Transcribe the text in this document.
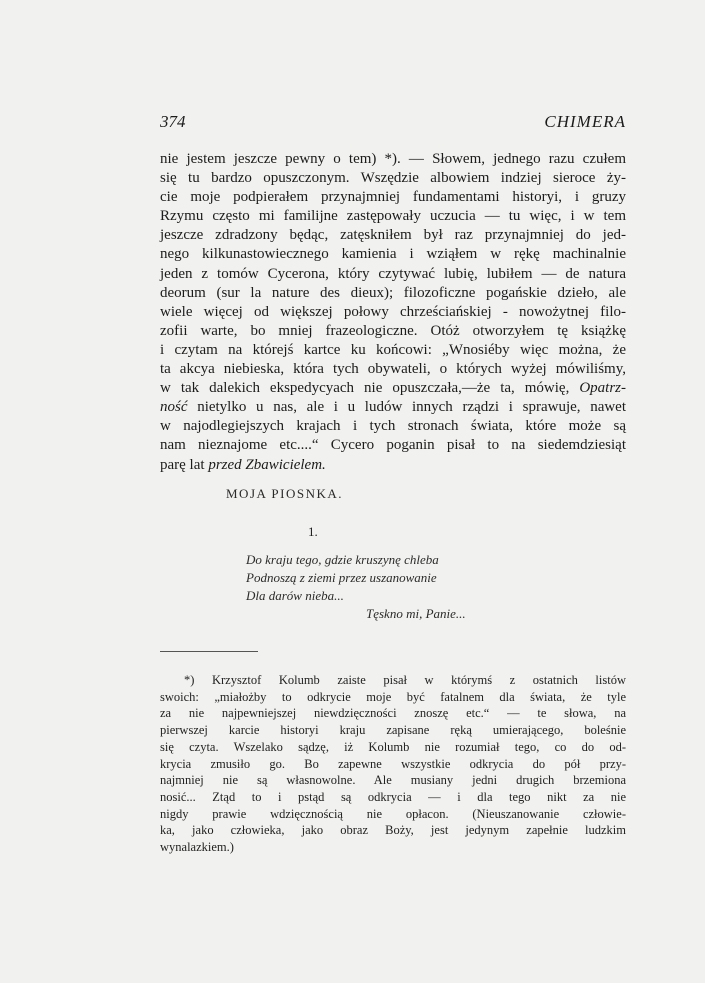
374	CHIMERA
nie jestem jeszcze pewny o tem) *). — Słowem, jednego razu czułem
się tu bardzo opuszczonym. Wszędzie albowiem indziej sieroce ży-
cie moje podpierałem przynajmniej fundamentami historyi, i gruzy
Rzymu często mi familijne zastępowały uczucia — tu więc, i w tem
jeszcze zdradzony będąc, zatęskniłem był raz przynajmniej do jed-
nego kilkunastowiecznego kamienia i wziąłem w rękę machinalnie
jeden z tomów Cycerona, który czytywać lubię, lubiłem — de natura
deorum (sur la nature des dieux); filozoficzne pogańskie dzieło, ale
wiele więcej od większej połowy chrześciańskiej - nowożytnej filo-
zofii warte, bo mniej frazeologiczne. Otóż otworzyłem tę książkę
i czytam na którejś kartce ku końcowi: „Wnosiéby więc można, że
ta akcya niebieska, która tych obywateli, o których wyżej mówiliśmy,
w tak dalekich ekspedycyach nie opuszczała,—że ta, mówię, Opatrz-
ność nietylko u nas, ale i u ludów innych rządzi i sprawuje, nawet
w najodlegiejszych krajach i tych stronach świata, które może są
nam nieznajome etc....“ Cycero poganin pisał to na siedemdziesiąt
parę lat przed Zbawicielem.
MOJA PIOSNKA.
1.
Do kraju tego, gdzie kruszynę chleba
Podnoszą z ziemi przez uszanowanie
Dla darów nieba...
Tęskno mi, Panie...
*) Krzysztof Kolumb zaiste pisał w którymś z ostatnich listów
swoich: „miałożby to odkrycie moje być fatalnem dla świata, że tyle
za nie najpewniejszej niewdzięczności znoszę etc.“ — te słowa, na
pierwszej karcie historyi kraju zapisane ręką umierającego, boleśnie
się czyta. Wszelako sądzę, iż Kolumb nie rozumiał tego, co do od-
krycia zmusiło go. Bo zapewne wszystkie odkrycia do pół przy-
najmniej nie są własnowolne. Ale musiany jedni drugich brzemiona
nosić... Ztąd to i pstąd są odkrycia — i dla tego nikt za nie
nigdy prawie wdzięcznością nie opłacon. (Nieuszanowanie człowie-
ka, jako człowieka, jako obraz Boży, jest jedynym zapełnie ludzkim
wynalazkiem.)
